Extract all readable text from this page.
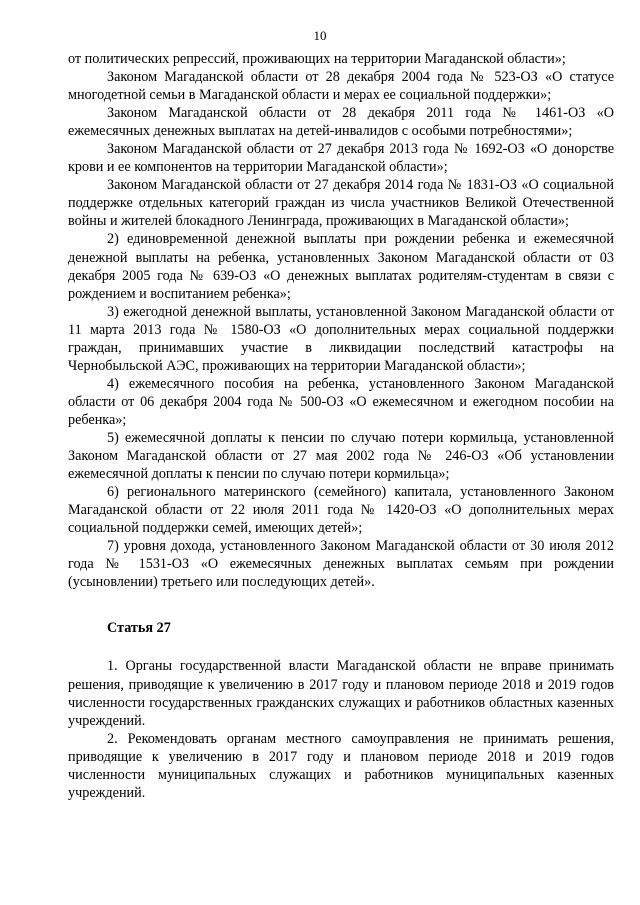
10

от политических репрессий, проживающих на территории Магаданской области»;

Законом Магаданской области от 28 декабря 2004 года № 523-ОЗ «О статусе многодетной семьи в Магаданской области и мерах ее социальной поддержки»;

Законом Магаданской области от 28 декабря 2011 года № 1461-ОЗ «О ежемесячных денежных выплатах на детей-инвалидов с особыми потребностями»;

Законом Магаданской области от 27 декабря 2013 года № 1692-ОЗ «О донорстве крови и ее компонентов на территории Магаданской области»;

Законом Магаданской области от 27 декабря 2014 года № 1831-ОЗ «О социальной поддержке отдельных категорий граждан из числа участников Великой Отечественной войны и жителей блокадного Ленинграда, проживающих в Магаданской области»;

2) единовременной денежной выплаты при рождении ребенка и ежемесячной денежной выплаты на ребенка, установленных Законом Магаданской области от 03 декабря 2005 года № 639-ОЗ «О денежных выплатах родителям-студентам в связи с рождением и воспитанием ребенка»;

3) ежегодной денежной выплаты, установленной Законом Магаданской области от 11 марта 2013 года № 1580-ОЗ «О дополнительных мерах социальной поддержки граждан, принимавших участие в ликвидации последствий катастрофы на Чернобыльской АЭС, проживающих на территории Магаданской области»;

4) ежемесячного пособия на ребенка, установленного Законом Магаданской области от 06 декабря 2004 года № 500-ОЗ «О ежемесячном и ежегодном пособии на ребенка»;

5) ежемесячной доплаты к пенсии по случаю потери кормильца, установленной Законом Магаданской области от 27 мая 2002 года № 246-ОЗ «Об установлении ежемесячной доплаты к пенсии по случаю потери кормильца»;

6) регионального материнского (семейного) капитала, установленного Законом Магаданской области от 22 июля 2011 года № 1420-ОЗ «О дополнительных мерах социальной поддержки семей, имеющих детей»;

7) уровня дохода, установленного Законом Магаданской области от 30 июля 2012 года № 1531-ОЗ «О ежемесячных денежных выплатах семьям при рождении (усыновлении) третьего или последующих детей».

Статья 27

1. Органы государственной власти Магаданской области не вправе принимать решения, приводящие к увеличению в 2017 году и плановом периоде 2018 и 2019 годов численности государственных гражданских служащих и работников областных казенных учреждений.

2. Рекомендовать органам местного самоуправления не принимать решения, приводящие к увеличению в 2017 году и плановом периоде 2018 и 2019 годов численности муниципальных служащих и работников муниципальных казенных учреждений.
